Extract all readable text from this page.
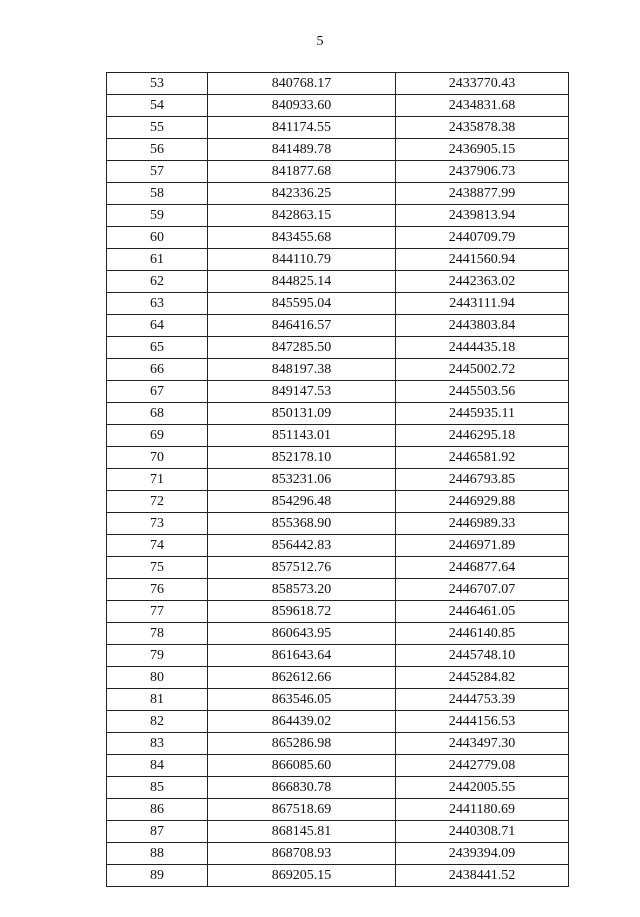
5
53	840768.17	2433770.43
54	840933.60	2434831.68
55	841174.55	2435878.38
56	841489.78	2436905.15
57	841877.68	2437906.73
58	842336.25	2438877.99
59	842863.15	2439813.94
60	843455.68	2440709.79
61	844110.79	2441560.94
62	844825.14	2442363.02
63	845595.04	2443111.94
64	846416.57	2443803.84
65	847285.50	2444435.18
66	848197.38	2445002.72
67	849147.53	2445503.56
68	850131.09	2445935.11
69	851143.01	2446295.18
70	852178.10	2446581.92
71	853231.06	2446793.85
72	854296.48	2446929.88
73	855368.90	2446989.33
74	856442.83	2446971.89
75	857512.76	2446877.64
76	858573.20	2446707.07
77	859618.72	2446461.05
78	860643.95	2446140.85
79	861643.64	2445748.10
80	862612.66	2445284.82
81	863546.05	2444753.39
82	864439.02	2444156.53
83	865286.98	2443497.30
84	866085.60	2442779.08
85	866830.78	2442005.55
86	867518.69	2441180.69
87	868145.81	2440308.71
88	868708.93	2439394.09
89	869205.15	2438441.52
